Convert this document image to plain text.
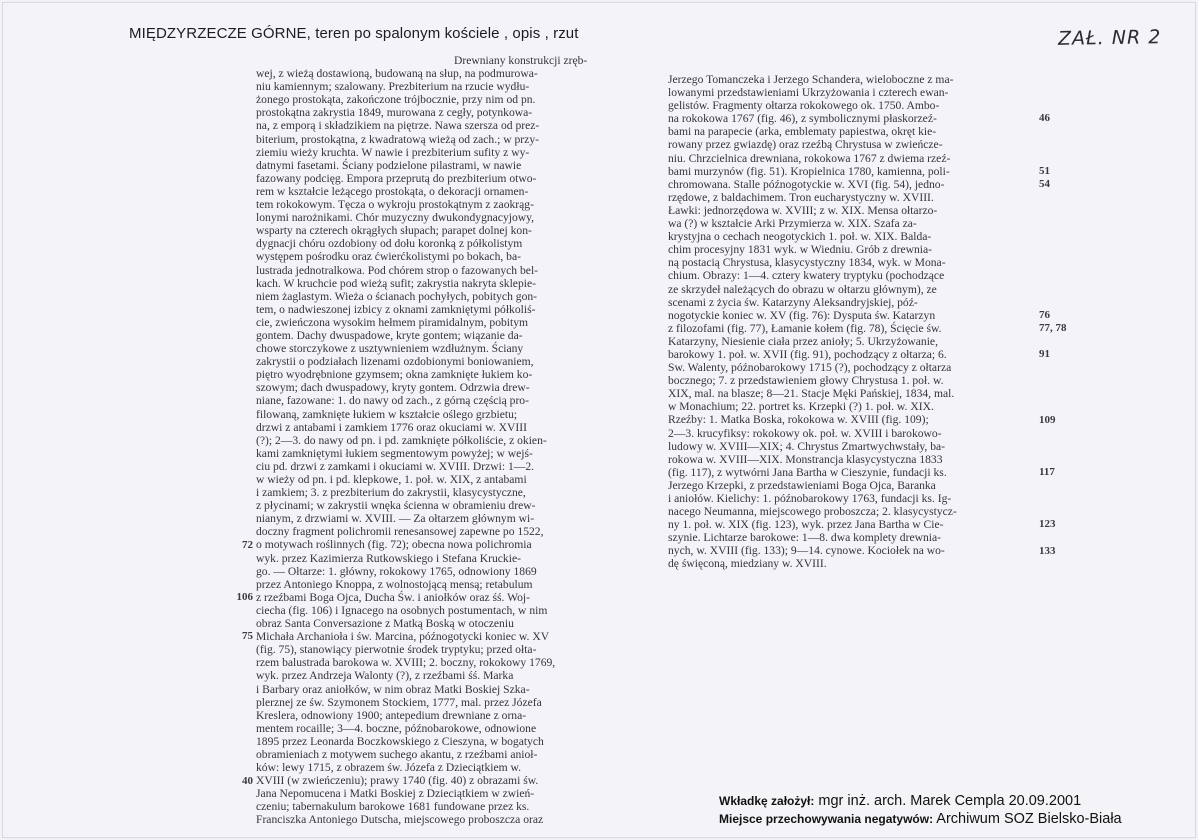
MIĘDZYRZECZE GÓRNE, teren po spalonym kościele , opis , rzut	ZAŁ. NR 2

Drewniany konstrukcji zręb-

wej, z wieżą dostawioną, budowaną na słup, na podmurowa-

niu kamiennym; szalowany. Prezbiterium na rzucie wydłu-

żonego prostokąta, zakończone trójbocznie, przy nim od pn.

prostokątna zakrystia 1849, murowana z cegły, potynkowa-

na, z emporą i składzikiem na piętrze. Nawa szersza od prez-

biterium, prostokątna, z kwadratową wieżą od zach.; w przy-

ziemiu wieży kruchta. W nawie i prezbiterium sufity z wy-

datnymi fasetami. Ściany podzielone pilastrami, w nawie

fazowany podcięg. Empora przeprutą do prezbiterium otwo-

rem w kształcie leżącego prostokąta, o dekoracji ornamen-

tem rokokowym. Tęcza o wykroju prostokątnym z zaokrąg-

lonymi narożnikami. Chór muzyczny dwukondygnacyjowy,

wsparty na czterech okrągłych słupach; parapet dolnej kon-

dygnacji chóru ozdobiony od dołu koronką z półkolistym

występem pośrodku oraz ćwierćkolistymi po bokach, ba-

lustrada jednotralkowa. Pod chórem strop o fazowanych bel-

kach. W kruchcie pod wieżą sufit; zakrystia nakryta sklepie-

niem żaglastym. Wieża o ścianach pochyłych, pobitych gon-

tem, o nadwieszonej izbicy z oknami zamkniętymi półkoliś-

cie, zwieńczona wysokim hełmem piramidalnym, pobitym

gontem. Dachy dwuspadowe, kryte gontem; wiązanie da-

chowe storczykowe z usztywnieniem wzdłużnym. Ściany

zakrystii o podziałach lizenami ozdobionymi boniowaniem,

piętro wyodrębnione gzymsem; okna zamknięte łukiem ko-

szowym; dach dwuspadowy, kryty gontem. Odrzwia drew-

niane, fazowane: 1. do nawy od zach., z górną częścią pro-

filowaną, zamknięte łukiem w kształcie oślego grzbietu;

drzwi z antabami i zamkiem 1776 oraz okuciami w. XVIII

(?); 2—3. do nawy od pn. i pd. zamknięte półkoliście, z okien-

kami zamkniętymi łukiem segmentowym powyżej; w wejś-

ciu pd. drzwi z zamkami i okuciami w. XVIII. Drzwi: 1—2.

w wieży od pn. i pd. klepkowe, 1. poł. w. XIX, z antabami

i zamkiem; 3. z prezbiterium do zakrystii, klasycystyczne,

z płycinami; w zakrystii wnęka ścienna w obramieniu drew-

nianym, z drzwiami w. XVIII. — Za ołtarzem głównym wi-

doczny fragment polichromii renesansowej zapewne po 1522,

o motywach roślinnych (fig. 72); obecna nowa polichromia

wyk. przez Kazimierza Rutkowskiego i Stefana Kruckie-

go. — Ołtarze: 1. główny, rokokowy 1765, odnowiony 1869

przez Antoniego Knoppa, z wolnostojącą mensą; retabulum

z rzeźbami Boga Ojca, Ducha Św. i aniołków oraz śś. Woj-

ciecha (fig. 106) i Ignacego na osobnych postumentach, w nim

obraz Santa Conversazione z Matką Boską w otoczeniu

Michała Archanioła i św. Marcina, późnogotycki koniec w. XV

(fig. 75), stanowiący pierwotnie środek tryptyku; przed ołta-

rzem balustrada barokowa w. XVIII; 2. boczny, rokokowy 1769,

wyk. przez Andrzeja Walonty (?), z rzeźbami śś. Marka

i Barbary oraz aniołków, w nim obraz Matki Boskiej Szka-

plerznej ze św. Szymonem Stockiem, 1777, mal. przez Józefa

Kreslera, odnowiony 1900; antepedium drewniane z orna-

mentem rocaille; 3—4. boczne, późnobarokowe, odnowione

1895 przez Leonarda Boczkowskiego z Cieszyna, w bogatych

obramieniach z motywem suchego akantu, z rzeźbami anioł-

ków: lewy 1715, z obrazem św. Józefa z Dzieciątkiem w.

XVIII (w zwieńczeniu); prawy 1740 (fig. 40) z obrazami św.

Jana Nepomucena i Matki Boskiej z Dzieciątkiem w zwień-

czeniu; tabernakulum barokowe 1681 fundowane przez ks.

Franciszka Antoniego Dutscha, miejscowego proboszcza oraz

72
106
75
40

Jerzego Tomanczeka i Jerzego Schandera, wieloboczne z ma-

lowanymi przedstawieniami Ukrzyżowania i czterech ewan-

gelistów. Fragmenty ołtarza rokokowego ok. 1750. Ambo-

na rokokowa 1767 (fig. 46), z symbolicznymi płaskorzeź-

bami na parapecie (arka, emblematy papiestwa, okręt kie-

rowany przez gwiazdę) oraz rzeźbą Chrystusa w zwieńcze-

niu. Chrzcielnica drewniana, rokokowa 1767 z dwiema rzeź-

bami murzynów (fig. 51). Kropielnica 1780, kamienna, poli-

chromowana. Stalle późnogotyckie w. XVI (fig. 54), jedno-

rzędowe, z baldachimem. Tron eucharystyczny w. XVIII.

Ławki: jednorzędowa w. XVIII; z w. XIX. Mensa ołtarzo-

wa (?) w kształcie Arki Przymierza w. XIX. Szafa za-

krystyjna o cechach neogotyckich 1. poł. w. XIX. Balda-

chim procesyjny 1831 wyk. w Wiedniu. Grób z drewnia-

ną postacią Chrystusa, klasycystyczny 1834, wyk. w Mona-

chium. Obrazy: 1—4. cztery kwatery tryptyku (pochodzące

ze skrzydeł należących do obrazu w ołtarzu głównym), ze

scenami z życia św. Katarzyny Aleksandryjskiej, póź-

nogotyckie koniec w. XV (fig. 76): Dysputa św. Katarzyn

z filozofami (fig. 77), Łamanie kołem (fig. 78), Ścięcie św.

Katarzyny, Niesienie ciała przez anioły; 5. Ukrzyżowanie,

barokowy 1. poł. w. XVII (fig. 91), pochodzący z ołtarza; 6.

Sw. Walenty, późnobarokowy 1715 (?), pochodzący z ołtarza

bocznego; 7. z przedstawieniem głowy Chrystusa 1. poł. w.

XIX, mal. na blasze; 8—21. Stacje Męki Pańskiej, 1834, mal.

w Monachium; 22. portret ks. Krzepki (?) 1. poł. w. XIX.

Rzeźby: 1. Matka Boska, rokokowa w. XVIII (fig. 109);

2—3. krucyfiksy: rokokowy ok. poł. w. XVIII i barokowo-

ludowy w. XVIII—XIX; 4. Chrystus Zmartwychwstały, ba-

rokowa w. XVIII—XIX. Monstrancja klasycystyczna 1833

(fig. 117), z wytwórni Jana Bartha w Cieszynie, fundacji ks.

Jerzego Krzepki, z przedstawieniami Boga Ojca, Baranka

i aniołów. Kielichy: 1. późnobarokowy 1763, fundacji ks. Ig-

nacego Neumanna, miejscowego proboszcza; 2. klasycystycz-

ny 1. poł. w. XIX (fig. 123), wyk. przez Jana Bartha w Cie-

szynie. Lichtarze barokowe: 1—8. dwa komplety drewnia-

nych, w. XVIII (fig. 133); 9—14. cynowe. Kociołek na wo-

dę święconą, miedziany w. XVIII.

46
51
54
76
77, 78
91
109
117
123
133
Wkładkę założył: mgr inż. arch. Marek Cempla 20.09.2001
Miejsce przechowywania negatywów: Archiwum SOZ Bielsko-Biała
